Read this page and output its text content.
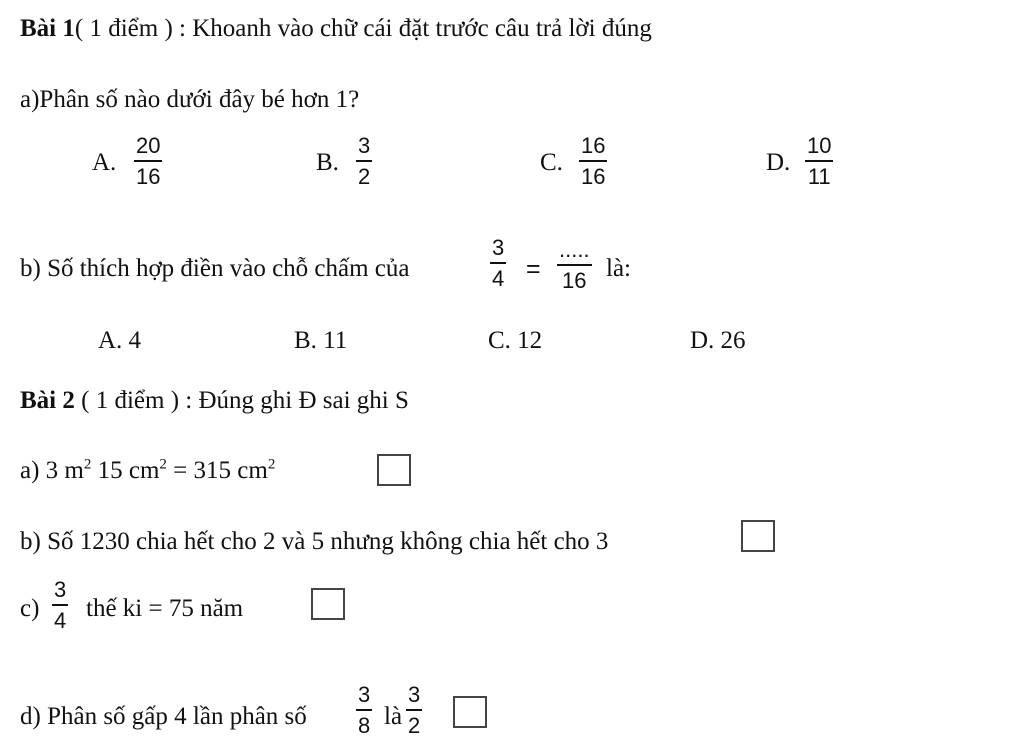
Bài 1( 1 điểm ) : Khoanh vào chữ cái đặt trước câu trả lời đúng
a)Phân số nào dưới đây bé hơn 1?
A.
20
16
B.
3
2
C.
16
16
D.
10
11
b) Số thích hợp điền vào chỗ chấm của
3
4 =
.....
16 là:
A. 4	B. 11	C. 12	D. 26
Bài 2 ( 1 điểm ) : Đúng ghi Đ sai ghi S
a) 3 $m^2$ 15 $cm^2 = 315$ $cm^2$
b) Số 1230 chia hết cho 2 và 5 nhưng không chia hết cho 3
c)
3
4 thế ki = 75 năm
d) Phân số gấp 4 lần phân số
3
8 là
3
2
